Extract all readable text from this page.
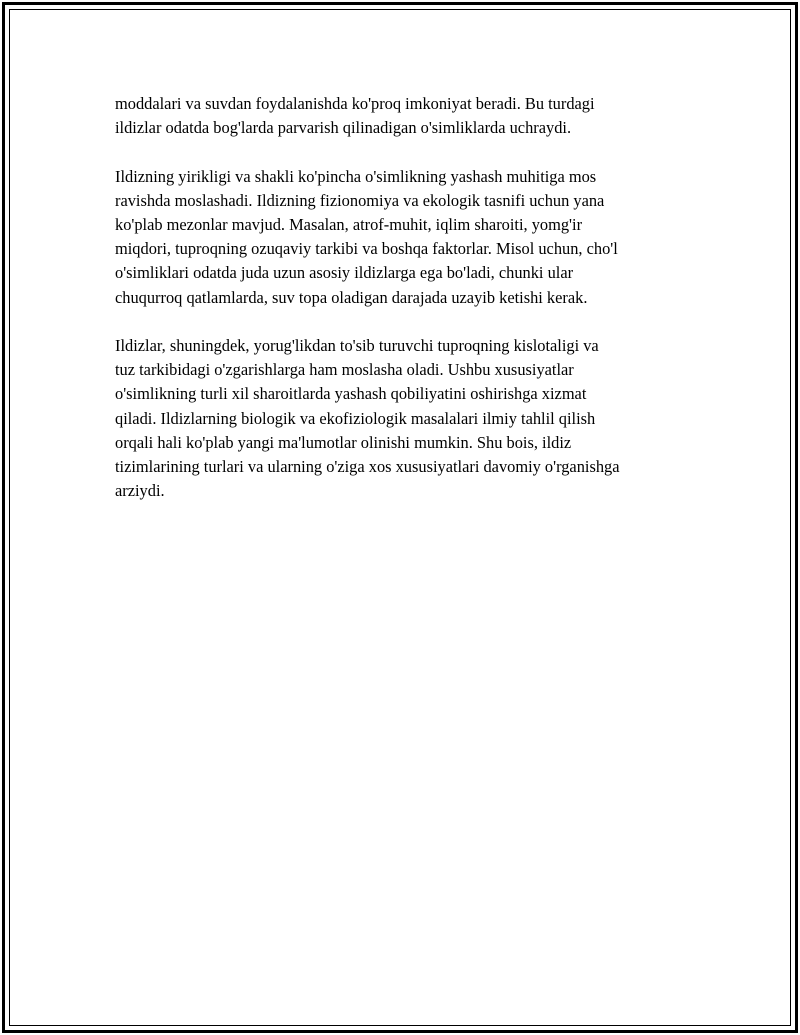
moddalari va suvdan foydalanishda ko'proq imkoniyat beradi. Bu turdagi
ildizlar odatda bog'larda parvarish qilinadigan o'simliklarda uchraydi.

Ildizning yirikligi va shakli ko'pincha o'simlikning yashash muhitiga mos
ravishda moslashadi. Ildizning fizionomiya va ekologik tasnifi uchun yana
ko'plab mezonlar mavjud. Masalan, atrof-muhit, iqlim sharoiti, yomg'ir
miqdori, tuproqning ozuqaviy tarkibi va boshqa faktorlar. Misol uchun, cho'l
o'simliklari odatda juda uzun asosiy ildizlarga ega bo'ladi, chunki ular
chuqurroq qatlamlarda, suv topa oladigan darajada uzayib ketishi kerak.

Ildizlar, shuningdek, yorug'likdan to'sib turuvchi tuproqning kislotaligi va
tuz tarkibidagi o'zgarishlarga ham moslasha oladi. Ushbu xususiyatlar
o'simlikning turli xil sharoitlarda yashash qobiliyatini oshirishga xizmat
qiladi. Ildizlarning biologik va ekofiziologik masalalari ilmiy tahlil qilish
orqali hali ko'plab yangi ma'lumotlar olinishi mumkin. Shu bois, ildiz
tizimlarining turlari va ularning o'ziga xos xususiyatlari davomiy o'rganishga
arziydi.
